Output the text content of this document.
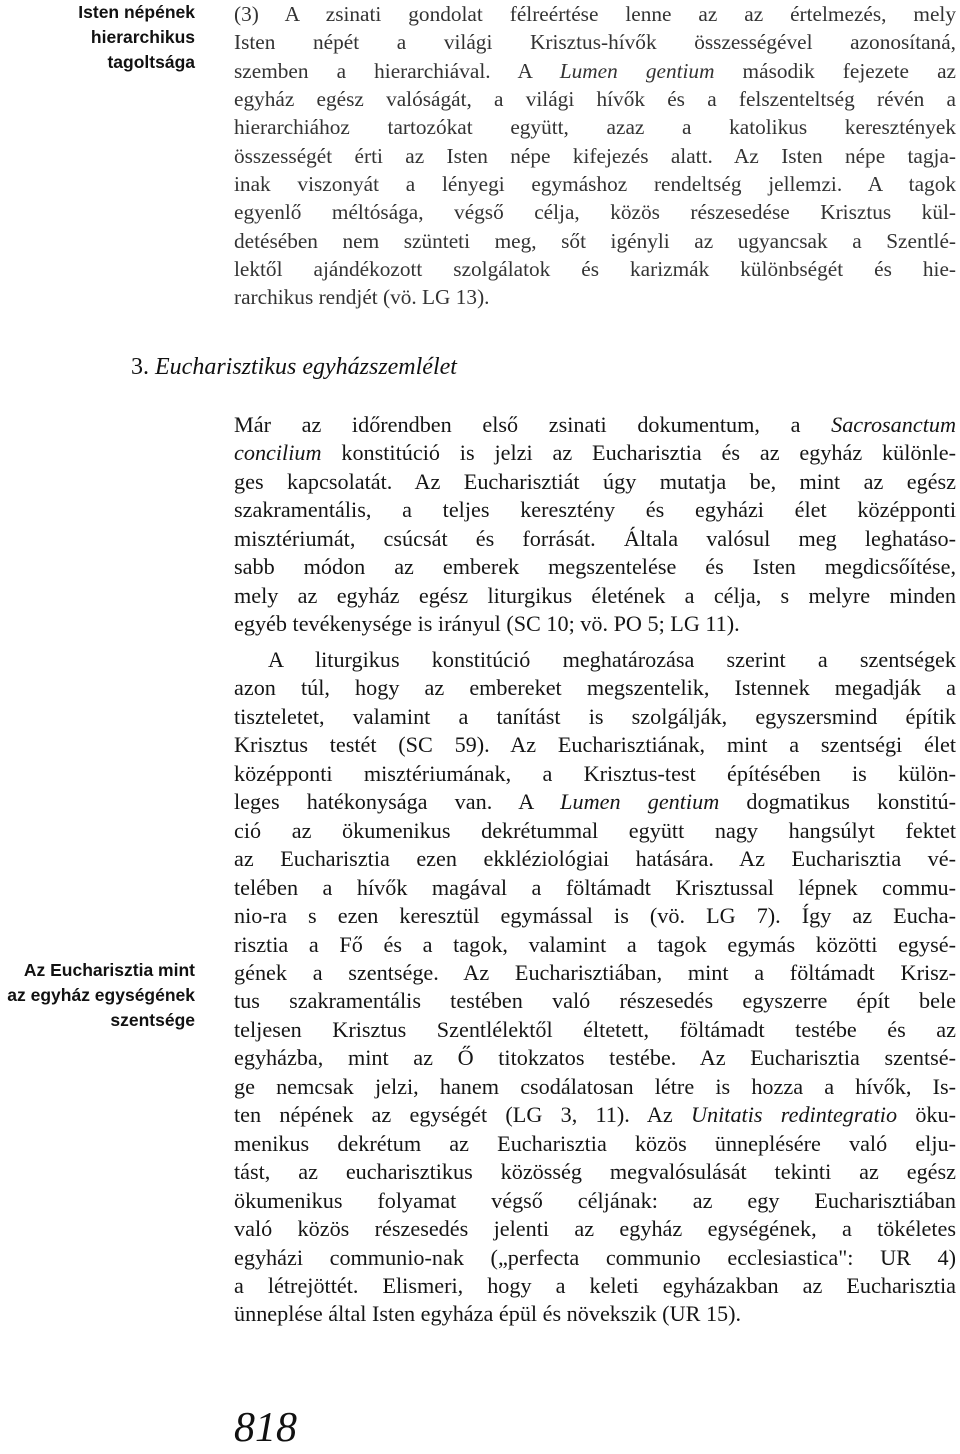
Isten népének
hierarchikus
tagoltsága
(3) A zsinati gondolat félreértése lenne az az értelmezés, mely
Isten népét a világi Krisztus-hívők összességével azonosítaná,
szemben a hierarchiával. A Lumen gentium második fejezete az
egyház egész valóságát, a világi hívők és a felszenteltség révén a
hierarchiához tartozókat együtt, azaz a katolikus keresztények
összességét érti az Isten népe kifejezés alatt. Az Isten népe tagja-
inak viszonyát a lényegi egymáshoz rendeltség jellemzi. A tagok
egyenlő méltósága, végső célja, közös részesedése Krisztus kül-
detésében nem szünteti meg, sőt igényli az ugyancsak a Szentlé-
lektől ajándékozott szolgálatok és karizmák különbségét és hie-
rarchikus rendjét (vö. LG 13).
3. Eucharisztikus egyházszemlélet
Már az időrendben első zsinati dokumentum, a Sacrosanctum
concilium konstitúció is jelzi az Eucharisztia és az egyház különle-
ges kapcsolatát. Az Eucharisztiát úgy mutatja be, mint az egész
szakramentális, a teljes keresztény és egyházi élet középponti
misztériumát, csúcsát és forrását. Általa valósul meg leghatáso-
sabb módon az emberek megszentelése és Isten megdicsőítése,
mely az egyház egész liturgikus életének a célja, s melyre minden
egyéb tevékenysége is irányul (SC 10; vö. PO 5; LG 11).
A liturgikus konstitúció meghatározása szerint a szentségek
azon túl, hogy az embereket megszentelik, Istennek megadják a
tiszteletet, valamint a tanítást is szolgálják, egyszersmind építik
Krisztus testét (SC 59). Az Eucharisztiának, mint a szentségi élet
középponti misztériumának, a Krisztus-test építésében is külön-
leges hatékonysága van. A Lumen gentium dogmatikus konstitú-
ció az ökumenikus dekrétummal együtt nagy hangsúlyt fektet
az Eucharisztia ezen ekkléziológiai hatására. Az Eucharisztia vé-
telében a hívők magával a föltámadt Krisztussal lépnek commu-
nio-ra s ezen keresztül egymással is (vö. LG 7). Így az Eucha-
risztia a Fő és a tagok, valamint a tagok egymás közötti egysé-
gének a szentsége. Az Eucharisztiában, mint a föltámadt Krisz-
tus szakramentális testében való részesedés egyszerre épít bele
teljesen Krisztus Szentlélektől éltetett, föltámadt testébe és az
egyházba, mint az Ő titokzatos testébe. Az Eucharisztia szentsé-
ge nemcsak jelzi, hanem csodálatosan létre is hozza a hívők, Is-
ten népének az egységét (LG 3, 11). Az Unitatis redintegratio öku-
menikus dekrétum az Eucharisztia közös ünneplésére való elju-
tást, az eucharisztikus közösség megvalósulását tekinti az egész
ökumenikus folyamat végső céljának: az egy Eucharisztiában
való közös részesedés jelenti az egyház egységének, a tökéletes
egyházi communio-nak („perfecta communio ecclesiastica": UR 4)
a létrejöttét. Elismeri, hogy a keleti egyházakban az Eucharisztia
ünneplése által Isten egyháza épül és növekszik (UR 15).
Az Eucharisztia mint
az egyház egységének
szentsége
818
